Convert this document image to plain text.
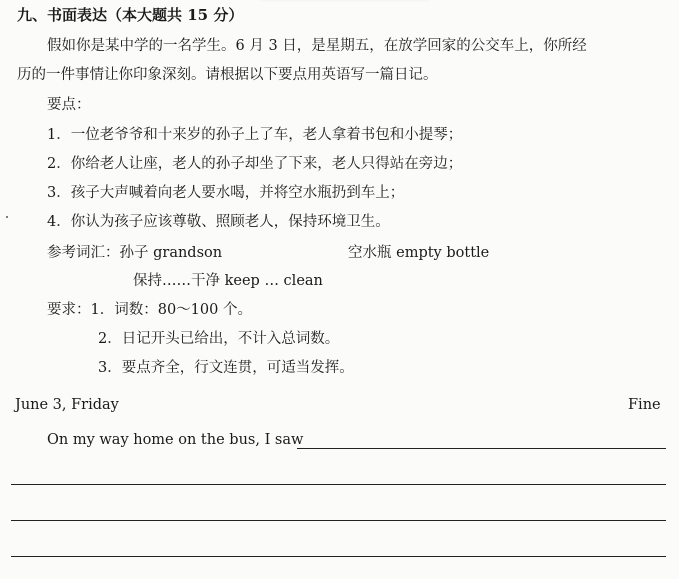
九、书面表达（本大题共 15 分）
假如你是某中学的一名学生。6 月 3 日，是星期五，在放学回家的公交车上，你所经
历的一件事情让你印象深刻。请根据以下要点用英语写一篇日记。
要点：
1．一位老爷爷和十来岁的孙子上了车，老人拿着书包和小提琴；
2．你给老人让座，老人的孙子却坐了下来，老人只得站在旁边；
3．孩子大声喊着向老人要水喝，并将空水瓶扔到车上；
4．你认为孩子应该尊敬、照顾老人，保持环境卫生。
参考词汇：孙子 grandson	空水瓶 empty bottle
保持……干净 keep … clean
要求：1．词数：80～100 个。
2．日记开头已给出，不计入总词数。
3．要点齐全，行文连贯，可适当发挥。
June 3, Friday	Fine
On my way home on the bus, I saw
